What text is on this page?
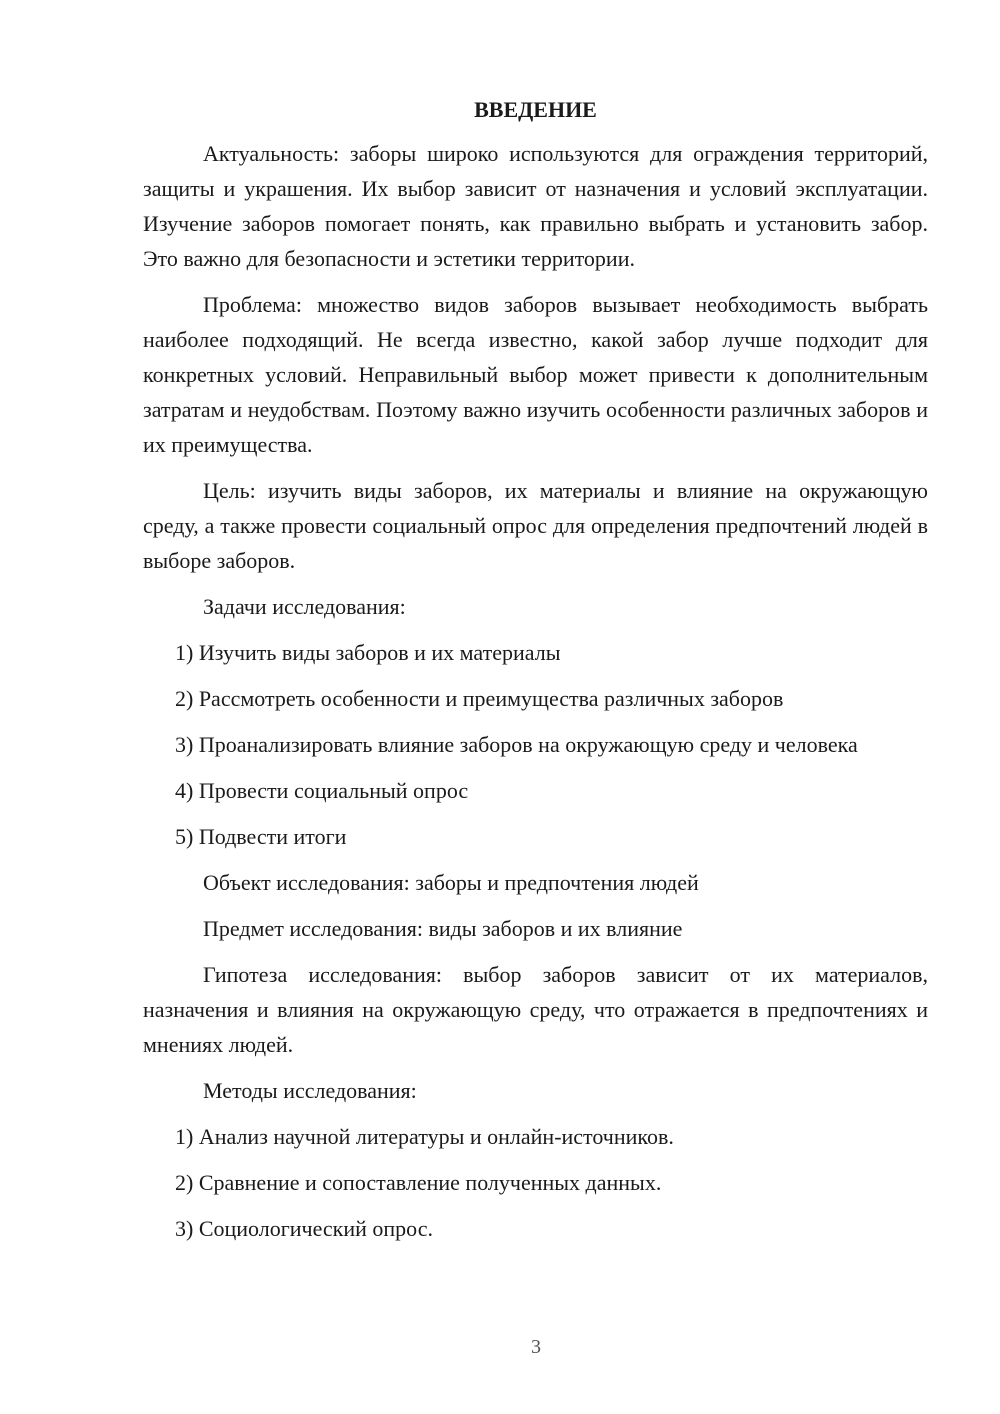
ВВЕДЕНИЕ

Актуальность: заборы широко используются для ограждения территорий, защиты и украшения. Их выбор зависит от назначения и условий эксплуатации. Изучение заборов помогает понять, как правильно выбрать и установить забор. Это важно для безопасности и эстетики территории.

Проблема: множество видов заборов вызывает необходимость выбрать наиболее подходящий. Не всегда известно, какой забор лучше подходит для конкретных условий. Неправильный выбор может привести к дополнительным затратам и неудобствам. Поэтому важно изучить особенности различных заборов и их преимущества.

Цель: изучить виды заборов, их материалы и влияние на окружающую среду, а также провести социальный опрос для определения предпочтений людей в выборе заборов.

Задачи исследования:

1) Изучить виды заборов и их материалы

2) Рассмотреть особенности и преимущества различных заборов

3) Проанализировать влияние заборов на окружающую среду и человека

4) Провести социальный опрос

5) Подвести итоги

Объект исследования: заборы и предпочтения людей

Предмет исследования: виды заборов и их влияние

Гипотеза исследования: выбор заборов зависит от их материалов, назначения и влияния на окружающую среду, что отражается в предпочтениях и мнениях людей.

Методы исследования:

1) Анализ научной литературы и онлайн-источников.

2) Сравнение и сопоставление полученных данных.

3) Социологический опрос.

3
